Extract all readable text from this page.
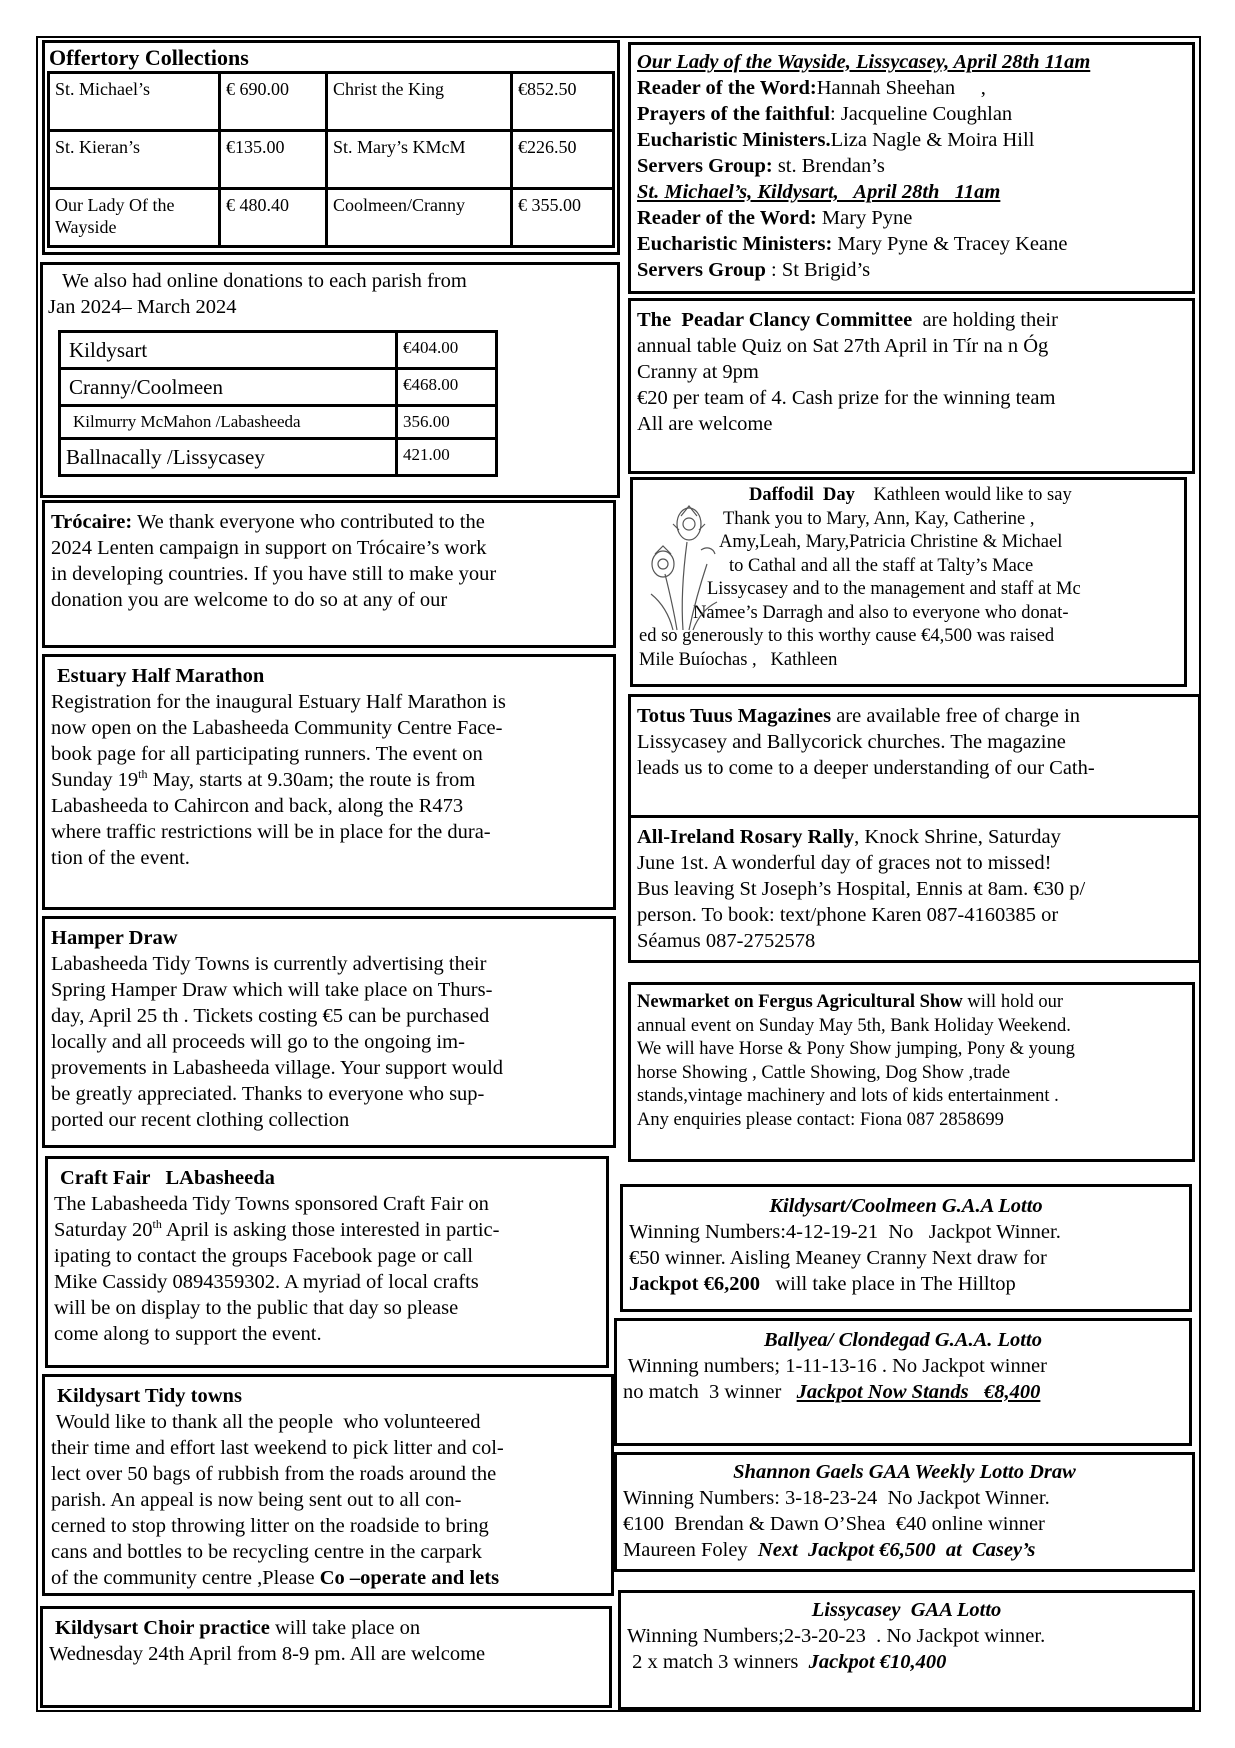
Offertory Collections
St. Michael’s	€ 690.00	Christ the King	€852.50
St. Kieran’s	€135.00	St. Mary’s KMcM	€226.50
Our Lady Of the Wayside	€ 480.40	Coolmeen/Cranny	€ 355.00
We also had online donations to each parish from
Jan 2024– March 2024
Kildysart	€404.00
Cranny/Coolmeen	€468.00
Kilmurry McMahon /Labasheeda	356.00
Ballnacally /Lissycasey	421.00
Trócaire: We thank everyone who contributed to the
2024 Lenten campaign in support on Trócaire’s work
in developing countries. If you have still to make your
donation you are welcome to do so at any of our
Estuary Half Marathon
Registration for the inaugural Estuary Half Marathon is
now open on the Labasheeda Community Centre Face-
book page for all participating runners. The event on
Sunday 19th May, starts at 9.30am; the route is from
Labasheeda to Cahircon and back, along the R473
where traffic restrictions will be in place for the dura-
tion of the event.
Hamper Draw
Labasheeda Tidy Towns is currently advertising their
Spring Hamper Draw which will take place on Thurs-
day, April 25 th . Tickets costing €5 can be purchased
locally and all proceeds will go to the ongoing im-
provements in Labasheeda village. Your support would
be greatly appreciated. Thanks to everyone who sup-
ported our recent clothing collection
Craft Fair   LAbasheeda
The Labasheeda Tidy Towns sponsored Craft Fair on
Saturday 20th April is asking those interested in partic-
ipating to contact the groups Facebook page or call
Mike Cassidy 0894359302. A myriad of local crafts
will be on display to the public that day so please
come along to support the event.
Kildysart Tidy towns
Would like to thank all the people  who volunteered
their time and effort last weekend to pick litter and col-
lect over 50 bags of rubbish from the roads around the
parish. An appeal is now being sent out to all con-
cerned to stop throwing litter on the roadside to bring
cans and bottles to be recycling centre in the carpark
of the community centre ,Please Co –operate and lets
Kildysart Choir practice will take place on
Wednesday 24th April from 8-9 pm. All are welcome
Our Lady of the Wayside, Lissycasey, April 28th 11am
Reader of the Word:Hannah Sheehan     ,
Prayers of the faithful: Jacqueline Coughlan
Eucharistic Ministers.Liza Nagle & Moira Hill
Servers Group: st. Brendan’s
St. Michael’s, Kildysart,   April 28th   11am
Reader of the Word: Mary Pyne
Eucharistic Ministers: Mary Pyne & Tracey Keane
Servers Group : St Brigid’s
The  Peadar Clancy Committee  are holding their
annual table Quiz on Sat 27th April in Tír na n Óg
Cranny at 9pm
€20 per team of 4. Cash prize for the winning team
All are welcome
Daffodil  Day    Kathleen would like to say
Thank you to Mary, Ann, Kay, Catherine ,
Amy,Leah, Mary,Patricia Christine & Michael
to Cathal and all the staff at Talty’s Mace
Lissycasey and to the management and staff at Mc
Namee’s Darragh and also to everyone who donat-
ed so generously to this worthy cause €4,500 was raised
Mile Buíochas ,   Kathleen
Totus Tuus Magazines are available free of charge in
Lissycasey and Ballycorick churches. The magazine
leads us to come to a deeper understanding of our Cath-
All-Ireland Rosary Rally, Knock Shrine, Saturday
June 1st. A wonderful day of graces not to missed!
Bus leaving St Joseph’s Hospital, Ennis at 8am. €30 p/
person. To book: text/phone Karen 087-4160385 or
Séamus 087-2752578
Newmarket on Fergus Agricultural Show will hold our
annual event on Sunday May 5th, Bank Holiday Weekend.
We will have Horse & Pony Show jumping, Pony & young
horse Showing , Cattle Showing, Dog Show ,trade
stands,vintage machinery and lots of kids entertainment .
Any enquiries please contact: Fiona 087 2858699
Kildysart/Coolmeen G.A.A Lotto
Winning Numbers:4-12-19-21  No   Jackpot Winner.
€50 winner. Aisling Meaney Cranny Next draw for
Jackpot €6,200   will take place in The Hilltop
Ballyea/ Clondegad G.A.A. Lotto
Winning numbers; 1-11-13-16 . No Jackpot winner
no match  3 winner   Jackpot Now Stands   €8,400
Shannon Gaels GAA Weekly Lotto Draw
Winning Numbers: 3-18-23-24  No Jackpot Winner.
€100  Brendan & Dawn O’Shea  €40 online winner
Maureen Foley  Next  Jackpot €6,500  at  Casey’s
Lissycasey  GAA Lotto
Winning Numbers;2-3-20-23  . No Jackpot winner.
2 x match 3 winners  Jackpot €10,400
